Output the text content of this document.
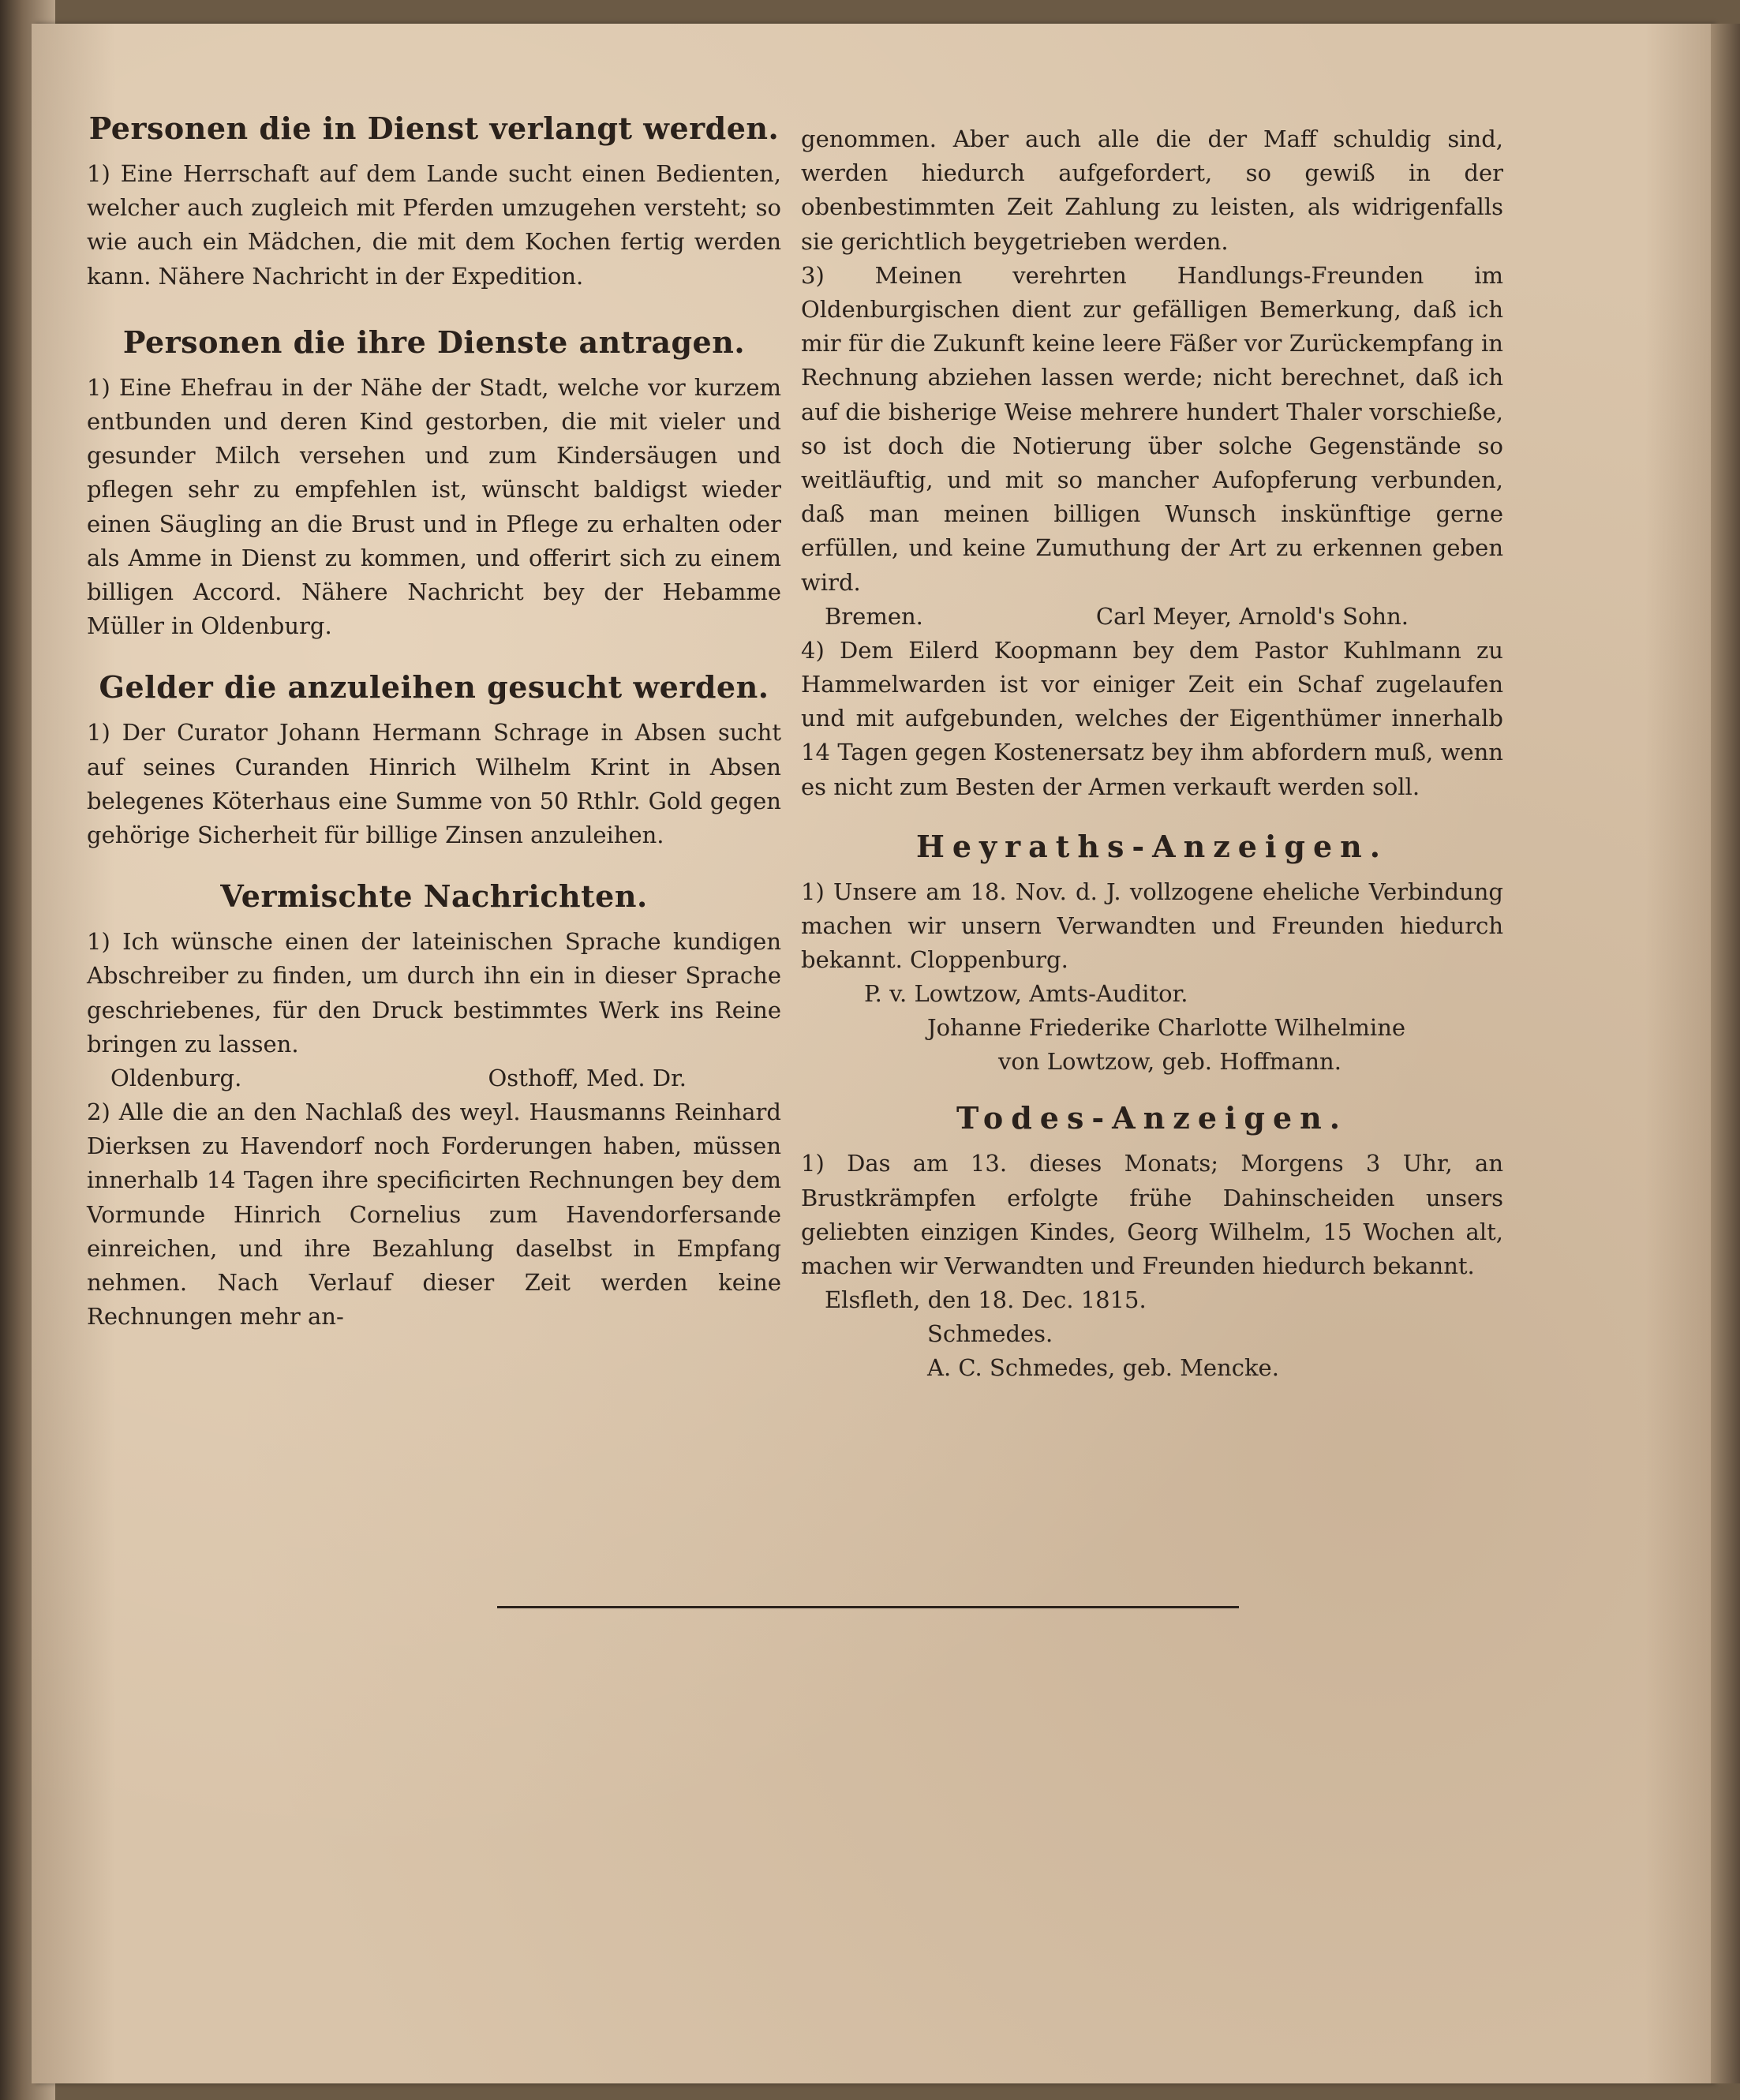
Personen die in Dienst verlangt werden.

1) Eine Herrschaft auf dem Lande sucht einen Bedienten, welcher auch zugleich mit Pferden umzugehen versteht; so wie auch ein Mädchen, die mit dem Kochen fertig werden kann. Nähere Nachricht in der Expedition.

Personen die ihre Dienste antragen.

1) Eine Ehefrau in der Nähe der Stadt, welche vor kurzem entbunden und deren Kind gestorben, die mit vieler und gesunder Milch versehen und zum Kindersäugen und pflegen sehr zu empfehlen ist, wünscht baldigst wieder einen Säugling an die Brust und in Pflege zu erhalten oder als Amme in Dienst zu kommen, und offerirt sich zu einem billigen Accord. Nähere Nachricht bey der Hebamme Müller in Oldenburg.

Gelder die anzuleihen gesucht werden.

1) Der Curator Johann Hermann Schrage in Absen sucht auf seines Curanden Hinrich Wilhelm Krint in Absen belegenes Köterhaus eine Summe von 50 Rthlr. Gold gegen gehörige Sicherheit für billige Zinsen anzuleihen.

Vermischte Nachrichten.

1) Ich wünsche einen der lateinischen Sprache kundigen Abschreiber zu finden, um durch ihn ein in dieser Sprache geschriebenes, für den Druck bestimmtes Werk ins Reine bringen zu lassen.

Oldenburg.	Osthoff, Med. Dr.

2) Alle die an den Nachlaß des weyl. Hausmanns Reinhard Dierksen zu Havendorf noch Forderungen haben, müssen innerhalb 14 Tagen ihre specificirten Rechnungen bey dem Vormunde Hinrich Cornelius zum Havendorfersande einreichen, und ihre Bezahlung daselbst in Empfang nehmen. Nach Verlauf dieser Zeit werden keine Rechnungen mehr an-

genommen. Aber auch alle die der Maff schuldig sind, werden hiedurch aufgefordert, so gewiß in der obenbestimmten Zeit Zahlung zu leisten, als widrigenfalls sie gerichtlich beygetrieben werden.

3) Meinen verehrten Handlungs-Freunden im Oldenburgischen dient zur gefälligen Bemerkung, daß ich mir für die Zukunft keine leere Fäßer vor Zurückempfang in Rechnung abziehen lassen werde; nicht berechnet, daß ich auf die bisherige Weise mehrere hundert Thaler vorschieße, so ist doch die Notierung über solche Gegenstände so weitläuftig, und mit so mancher Aufopferung verbunden, daß man meinen billigen Wunsch inskünftige gerne erfüllen, und keine Zumuthung der Art zu erkennen geben wird.

Bremen.	Carl Meyer, Arnold's Sohn.

4) Dem Eilerd Koopmann bey dem Pastor Kuhlmann zu Hammelwarden ist vor einiger Zeit ein Schaf zugelaufen und mit aufgebunden, welches der Eigenthümer innerhalb 14 Tagen gegen Kostenersatz bey ihm abfordern muß, wenn es nicht zum Besten der Armen verkauft werden soll.

Heyraths-Anzeigen.

1) Unsere am 18. Nov. d. J. vollzogene eheliche Verbindung machen wir unsern Verwandten und Freunden hiedurch bekannt. Cloppenburg.

P. v. Lowtzow, Amts-Auditor.
Johanne Friederike Charlotte Wilhelmine
von Lowtzow, geb. Hoffmann.
Todes-Anzeigen.

1) Das am 13. dieses Monats; Morgens 3 Uhr, an Brustkrämpfen erfolgte frühe Dahinscheiden unsers geliebten einzigen Kindes, Georg Wilhelm, 15 Wochen alt, machen wir Verwandten und Freunden hiedurch bekannt.

Elsfleth, den 18. Dec. 1815.
Schmedes.
A. C. Schmedes, geb. Mencke.
